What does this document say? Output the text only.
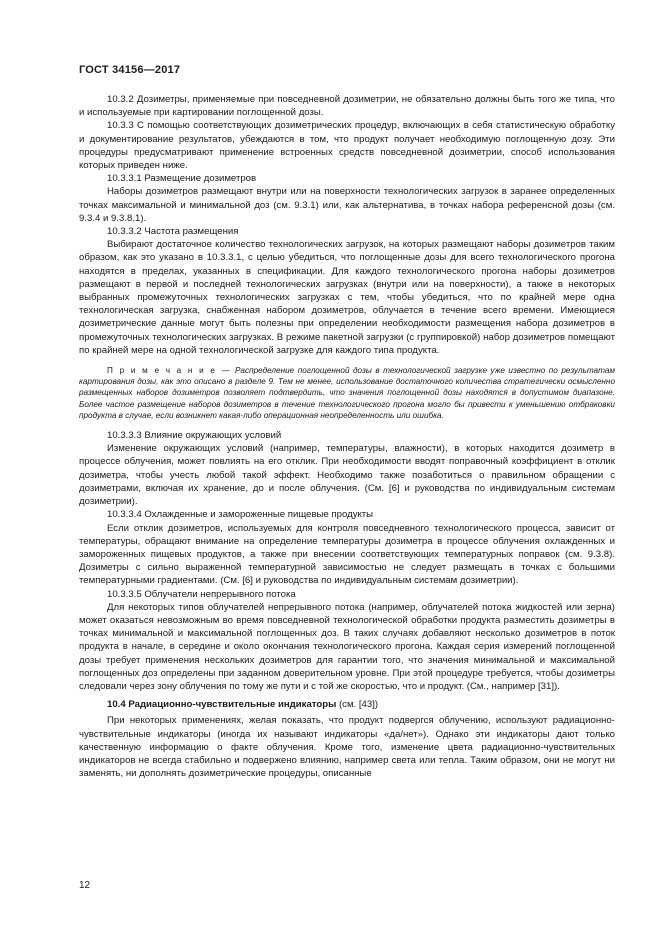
ГОСТ 34156—2017

10.3.2 Дозиметры, применяемые при повседневной дозиметрии, не обязательно должны быть того же типа, что и используемые при картировании поглощенной дозы.

10.3.3 С помощью соответствующих дозиметрических процедур, включающих в себя статистическую обработку и документирование результатов, убеждаются в том, что продукт получает необходимую поглощенную дозу. Эти процедуры предусматривают применение встроенных средств повседневной дозиметрии, способ использования которых приведен ниже.

10.3.3.1 Размещение дозиметров

Наборы дозиметров размещают внутри или на поверхности технологических загрузок в заранее определенных точках максимальной и минимальной доз (см. 9.3.1) или, как альтернатива, в точках набора референсной дозы (см. 9.3.4 и 9.3.8.1).

10.3.3.2 Частота размещения

Выбирают достаточное количество технологических загрузок, на которых размещают наборы дозиметров таким образом, как это указано в 10.3.3.1, с целью убедиться, что поглощенные дозы для всего технологического прогона находятся в пределах, указанных в спецификации. Для каждого технологического прогона наборы дозиметров размещают в первой и последней технологических загрузках (внутри или на поверхности), а также в некоторых выбранных промежуточных технологических загрузках с тем, чтобы убедиться, что по крайней мере одна технологическая загрузка, снабженная набором дозиметров, облучается в течение всего времени. Имеющиеся дозиметрические данные могут быть полезны при определении необходимости размещения набора дозиметров в промежуточных технологических загрузках. В режиме пакетной загрузки (с группировкой) набор дозиметров помещают по крайней мере на одной технологической загрузке для каждого типа продукта.

П р и м е ч а н и е — Распределение поглощенной дозы в технологической загрузке уже известно по результатам картирования дозы, как это описано в разделе 9. Тем не менее, использование достаточного количества стратегически осмысленно размещенных наборов дозиметров позволяет подтвердить, что значения поглощенной дозы находятся в допустимом диапазоне. Более частое размещение наборов дозиметров в течение технологического прогона могло бы привести к уменьшению отбраковки продукта в случае, если возникнет какая-либо операционная неопределенность или ошибка.

10.3.3.3 Влияние окружающих условий

Изменение окружающих условий (например, температуры, влажности), в которых находится дозиметр в процессе облучения, может повлиять на его отклик. При необходимости вводят поправочный коэффициент в отклик дозиметра, чтобы учесть любой такой эффект. Необходимо также позаботиться о правильном обращении с дозиметрами, включая их хранение, до и после облучения. (См. [6] и руководства по индивидуальным системам дозиметрии).

10.3.3.4 Охлажденные и замороженные пищевые продукты

Если отклик дозиметров, используемых для контроля повседневного технологического процесса, зависит от температуры, обращают внимание на определение температуры дозиметра в процессе облучения охлажденных и замороженных пищевых продуктов, а также при внесении соответствующих температурных поправок (см. 9.3.8). Дозиметры с сильно выраженной температурной зависимостью не следует размещать в точках с большими температурными градиентами. (См. [6] и руководства по индивидуальным системам дозиметрии).

10.3.3.5 Облучатели непрерывного потока

Для некоторых типов облучателей непрерывного потока (например, облучателей потока жидкостей или зерна) может оказаться невозможным во время повседневной технологической обработки продукта разместить дозиметры в точках минимальной и максимальной поглощенных доз. В таких случаях добавляют несколько дозиметров в поток продукта в начале, в середине и около окончания технологического прогона. Каждая серия измерений поглощенной дозы требует применения нескольких дозиметров для гарантии того, что значения минимальной и максимальной поглощенных доз определены при заданном доверительном уровне. При этой процедуре требуется, чтобы дозиметры следовали через зону облучения по тому же пути и с той же скоростью, что и продукт. (См., например [31]).

10.4 Радиационно-чувствительные индикаторы (см. [43])

При некоторых применениях, желая показать, что продукт подвергся облучению, используют радиационно-чувствительные индикаторы (иногда их называют индикаторы «да/нет»). Однако эти индикаторы дают только качественную информацию о факте облучения. Кроме того, изменение цвета радиационно-чувствительных индикаторов не всегда стабильно и подвержено влиянию, например света или тепла. Таким образом, они не могут ни заменять, ни дополнять дозиметрические процедуры, описанные

12
